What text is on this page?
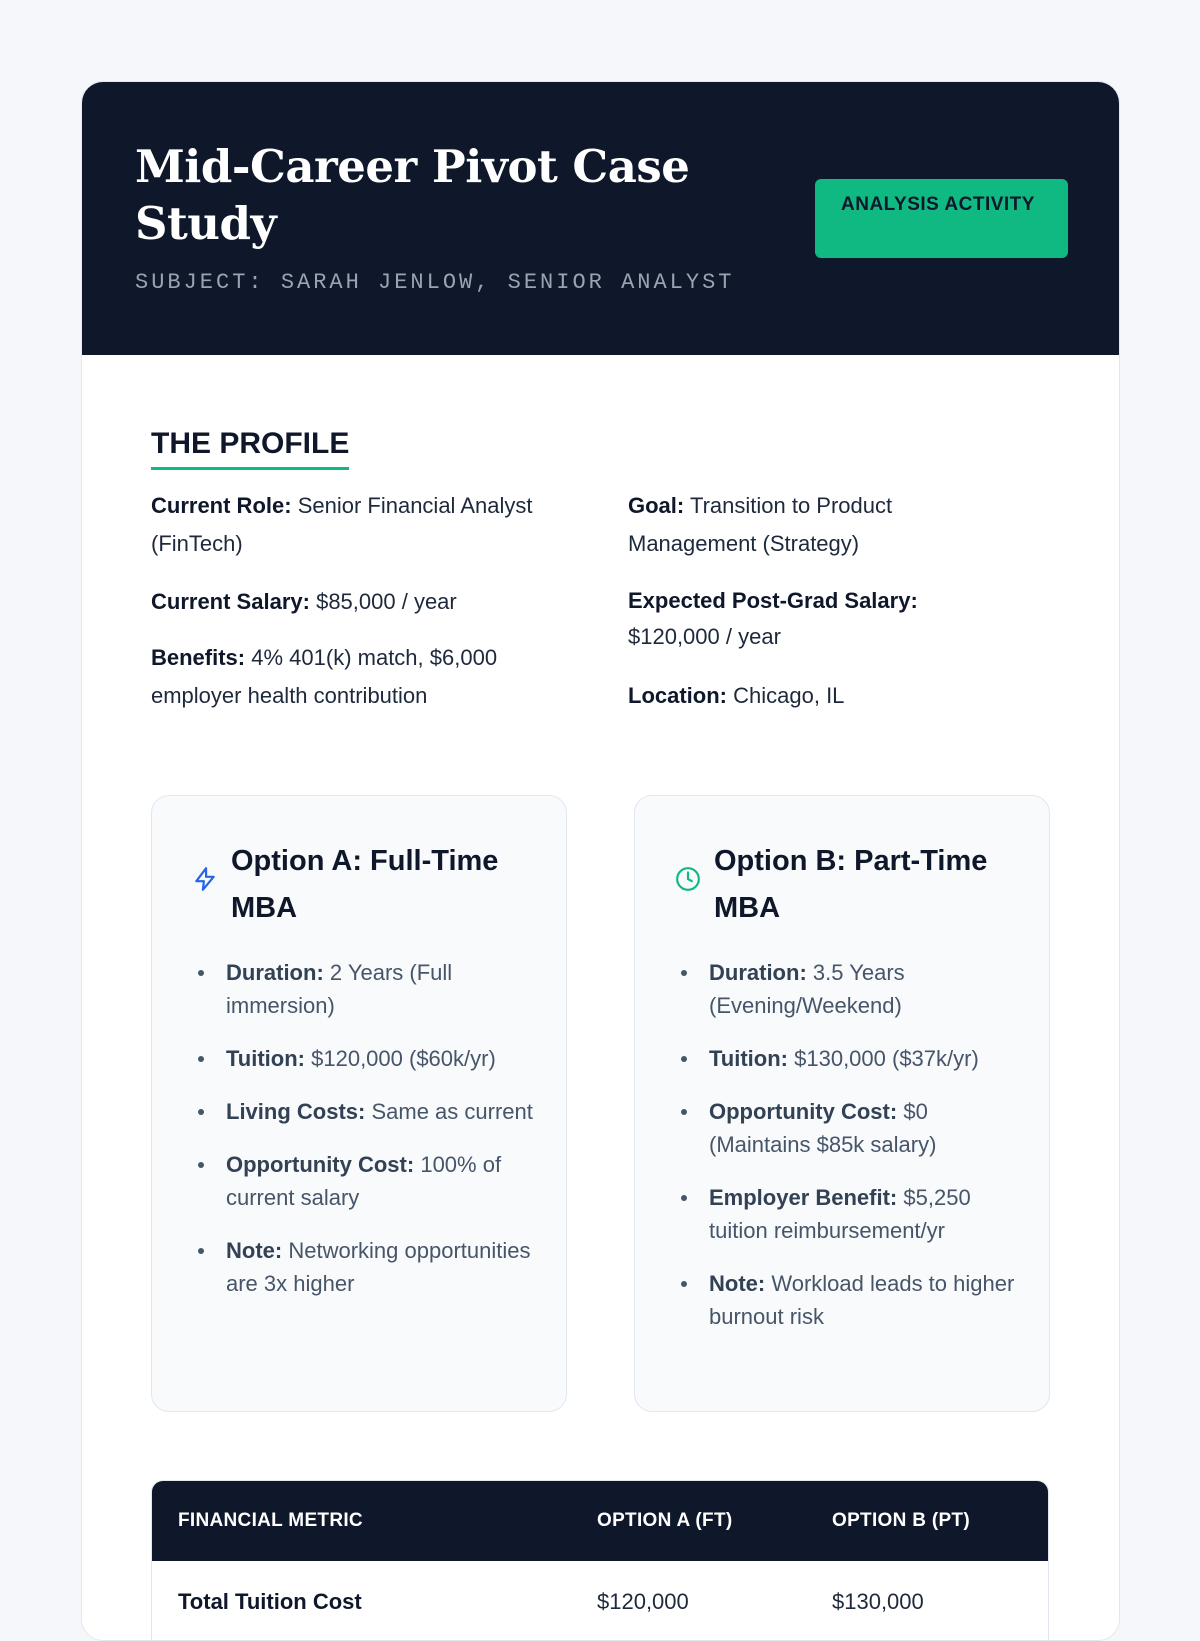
Mid-Career Pivot Case Study
SUBJECT: SARAH JENLOW, SENIOR ANALYST
ANALYSIS ACTIVITY
THE PROFILE
Current Role: Senior Financial Analyst (FinTech)
Current Salary: $85,000 / year
Benefits: 4% 401(k) match, $6,000 employer health contribution
Goal: Transition to Product Management (Strategy)
Expected Post-Grad Salary: $120,000 / year
Location: Chicago, IL
Option A: Full-Time MBA
Duration: 2 Years (Full immersion)
Tuition: $120,000 ($60k/yr)
Living Costs: Same as current
Opportunity Cost: 100% of current salary
Note: Networking opportunities are 3x higher
Option B: Part-Time MBA
Duration: 3.5 Years (Evening/Weekend)
Tuition: $130,000 ($37k/yr)
Opportunity Cost: $0 (Maintains $85k salary)
Employer Benefit: $5,250 tuition reimbursement/yr
Note: Workload leads to higher burnout risk
FINANCIAL METRIC	OPTION A (FT)	OPTION B (PT)
Total Tuition Cost	$120,000	$130,000
